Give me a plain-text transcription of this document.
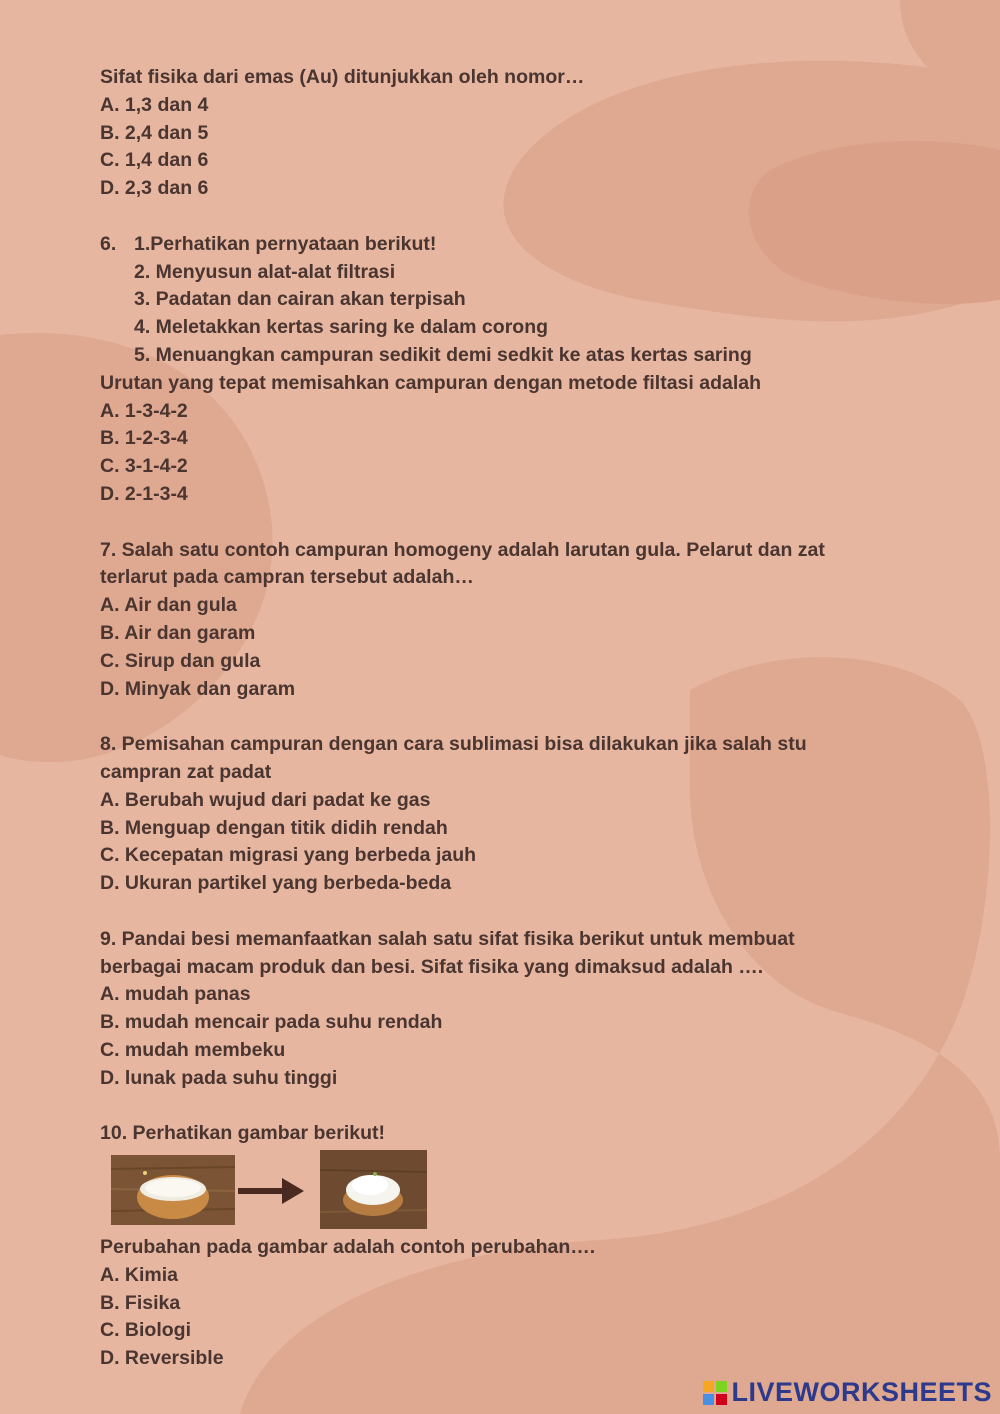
Sifat fisika dari emas (Au) ditunjukkan oleh nomor…
A. 1,3 dan 4
B. 2,4 dan 5
C. 1,4 dan 6
D. 2,3 dan 6
6. 1.Perhatikan pernyataan berikut!
2. Menyusun alat-alat filtrasi
3. Padatan dan cairan akan terpisah
4. Meletakkan kertas saring ke dalam corong
5. Menuangkan campuran sedikit demi sedkit ke atas kertas saring
Urutan yang tepat memisahkan campuran dengan metode filtasi adalah
A. 1-3-4-2
B. 1-2-3-4
C. 3-1-4-2
D. 2-1-3-4
7. Salah satu contoh campuran homogeny adalah larutan gula. Pelarut dan zat
terlarut pada campran tersebut adalah…
A. Air dan gula
B. Air dan garam
C. Sirup dan gula
D. Minyak dan garam
8. Pemisahan campuran dengan cara sublimasi bisa dilakukan jika salah stu
campran zat padat
A. Berubah wujud dari padat ke gas
B. Menguap dengan titik didih rendah
C. Kecepatan migrasi yang berbeda jauh
D. Ukuran partikel yang berbeda-beda
9. Pandai besi memanfaatkan salah satu sifat fisika berikut untuk membuat
berbagai macam produk dan besi. Sifat fisika yang dimaksud adalah ….
A. mudah panas
B. mudah mencair pada suhu rendah
C. mudah membeku
D. lunak pada suhu tinggi
10. Perhatikan gambar berikut!
Perubahan pada gambar adalah contoh perubahan….
A. Kimia
B. Fisika
C. Biologi
D. Reversible
LIVEWORKSHEETS
